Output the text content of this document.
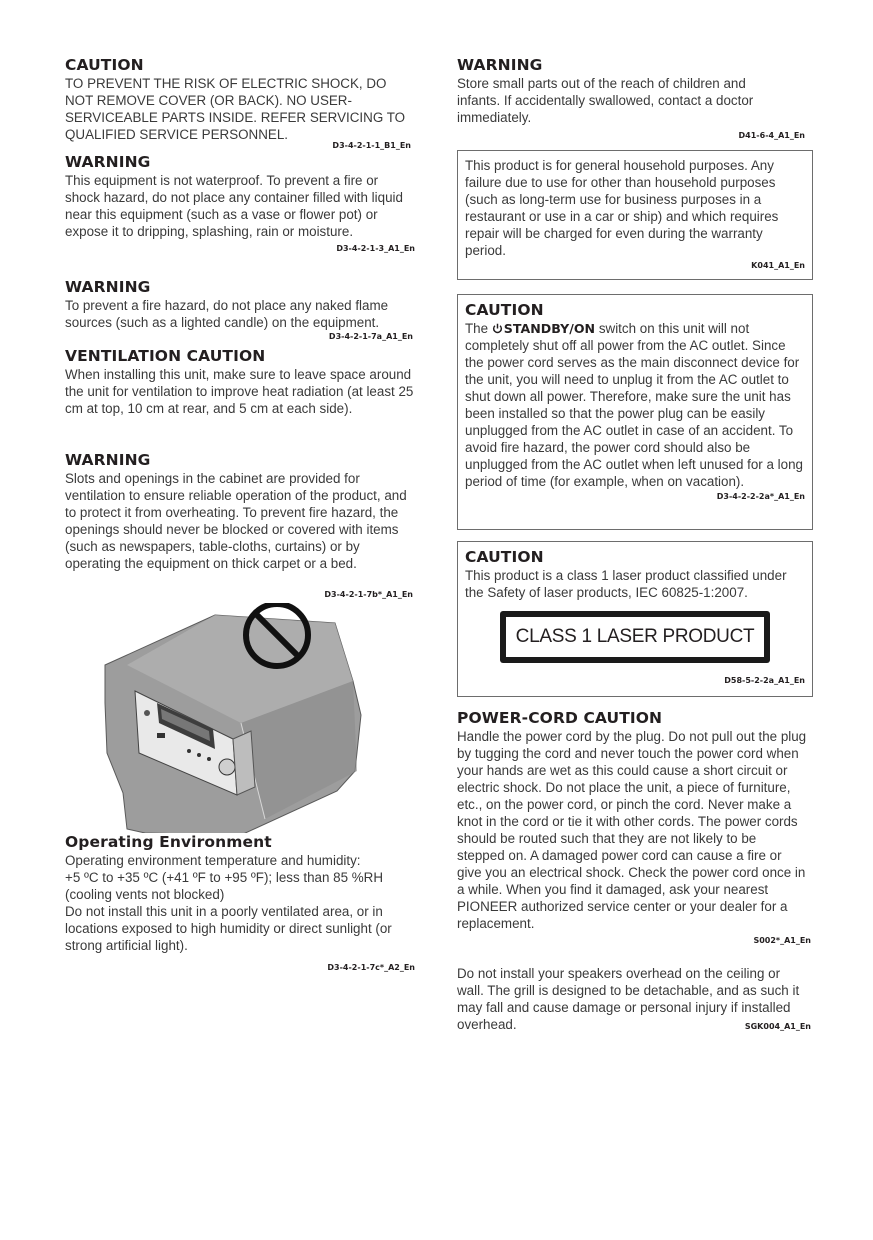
CAUTION

TO PREVENT THE RISK OF ELECTRIC SHOCK, DO NOT REMOVE COVER (OR BACK). NO USER-SERVICEABLE PARTS INSIDE. REFER SERVICING TO QUALIFIED SERVICE PERSONNEL.

D3-4-2-1-1_B1_En
WARNING

This equipment is not waterproof. To prevent a fire or shock hazard, do not place any container filled with liquid near this equipment (such as a vase or flower pot) or expose it to dripping, splashing, rain or moisture.

D3-4-2-1-3_A1_En
WARNING

To prevent a fire hazard, do not place any naked flame sources (such as a lighted candle) on the equipment.

D3-4-2-1-7a_A1_En
VENTILATION CAUTION

When installing this unit, make sure to leave space around the unit for ventilation to improve heat radiation (at least 25 cm at top, 10 cm at rear, and 5 cm at each side).

WARNING

Slots and openings in the cabinet are provided for ventilation to ensure reliable operation of the product, and to protect it from overheating. To prevent fire hazard, the openings should never be blocked or covered with items (such as newspapers, table-cloths, curtains) or by operating the equipment on thick carpet or a bed.

D3-4-2-1-7b*_A1_En
Operating Environment

Operating environment temperature and humidity:

+5 ºC to +35 ºC (+41 ºF to +95 ºF); less than 85 %RH (cooling vents not blocked)

Do not install this unit in a poorly ventilated area, or in locations exposed to high humidity or direct sunlight (or strong artificial light).

D3-4-2-1-7c*_A2_En
WARNING

Store small parts out of the reach of children and infants. If accidentally swallowed, contact a doctor immediately.

D41-6-4_A1_En

This product is for general household purposes. Any failure due to use for other than household purposes (such as long-term use for business purposes in a restaurant or use in a car or ship) and which requires repair will be charged for even during the warranty period.

K041_A1_En
CAUTION

The STANDBY/ON switch on this unit will not completely shut off all power from the AC outlet. Since the power cord serves as the main disconnect device for the unit, you will need to unplug it from the AC outlet to shut down all power. Therefore, make sure the unit has been installed so that the power plug can be easily unplugged from the AC outlet in case of an accident. To avoid fire hazard, the power cord should also be unplugged from the AC outlet when left unused for a long period of time (for example, when on vacation).

D3-4-2-2-2a*_A1_En
CAUTION

This product is a class 1 laser product classified under the Safety of laser products, IEC 60825-1:2007.

CLASS 1 LASER PRODUCT
D58-5-2-2a_A1_En
POWER-CORD CAUTION

Handle the power cord by the plug. Do not pull out the plug by tugging the cord and never touch the power cord when your hands are wet as this could cause a short circuit or electric shock. Do not place the unit, a piece of furniture, etc., on the power cord, or pinch the cord. Never make a knot in the cord or tie it with other cords. The power cords should be routed such that they are not likely to be stepped on. A damaged power cord can cause a fire or give you an electrical shock. Check the power cord once in a while. When you find it damaged, ask your nearest PIONEER authorized service center or your dealer for a replacement.

S002*_A1_En

Do not install your speakers overhead on the ceiling or wall. The grill is designed to be detachable, and as such it may fall and cause damage or personal injury if installed overhead.	SGK004_A1_En
